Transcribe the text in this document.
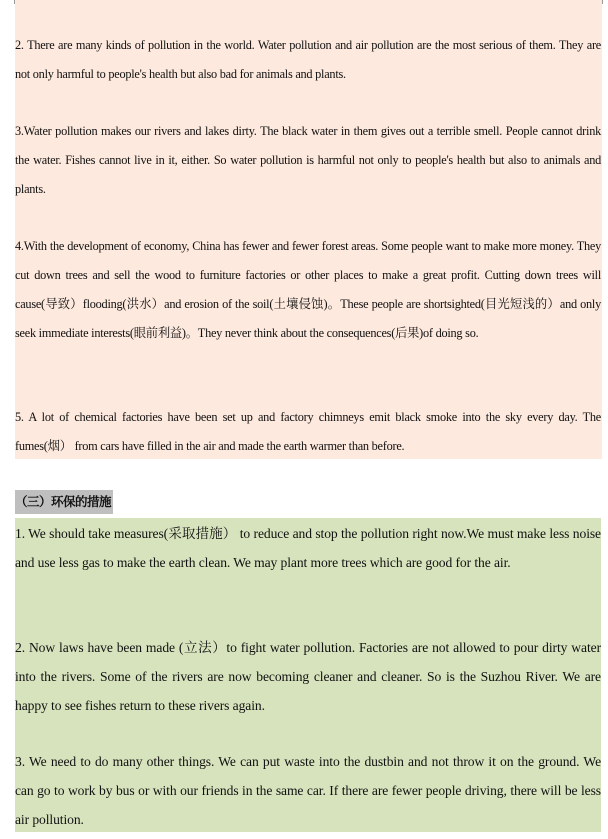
2. There are many kinds of pollution in the world. Water pollution and air pollution are the most serious of them. They are not only harmful to people's health but also bad for animals and plants.

3.Water pollution makes our rivers and lakes dirty. The black water in them gives out a terrible smell. People cannot drink the water. Fishes cannot live in it, either. So water pollution is harmful not only to people's health but also to animals and plants.

4.With the development of economy, China has fewer and fewer forest areas. Some people want to make more money. They cut down trees and sell the wood to furniture factories or other places to make a great profit. Cutting down trees will cause(导致）flooding(洪水）and erosion of the soil(土壤侵蚀)。These people are shortsighted(目光短浅的）and only seek immediate interests(眼前利益)。They never think about the consequences(后果)of doing so.

5. A lot of chemical factories have been set up and factory chimneys emit black smoke into the sky every day. The fumes(烟） from cars have filled in the air and made the earth warmer than before.

（三）环保的措施

1. We should take measures(采取措施） to reduce and stop the pollution right now.We must make less noise and use less gas to make the earth clean. We may plant more trees which are good for the air.

2. Now laws have been made (立法）to fight water pollution. Factories are not allowed to pour dirty water into the rivers. Some of the rivers are now becoming cleaner and cleaner. So is the Suzhou River. We are happy to see fishes return to these rivers again.

3. We need to do many other things. We can put waste into the dustbin and not throw it on the ground. We can go to work by bus or with our friends in the same car. If there are fewer people driving, there will be less air pollution.
